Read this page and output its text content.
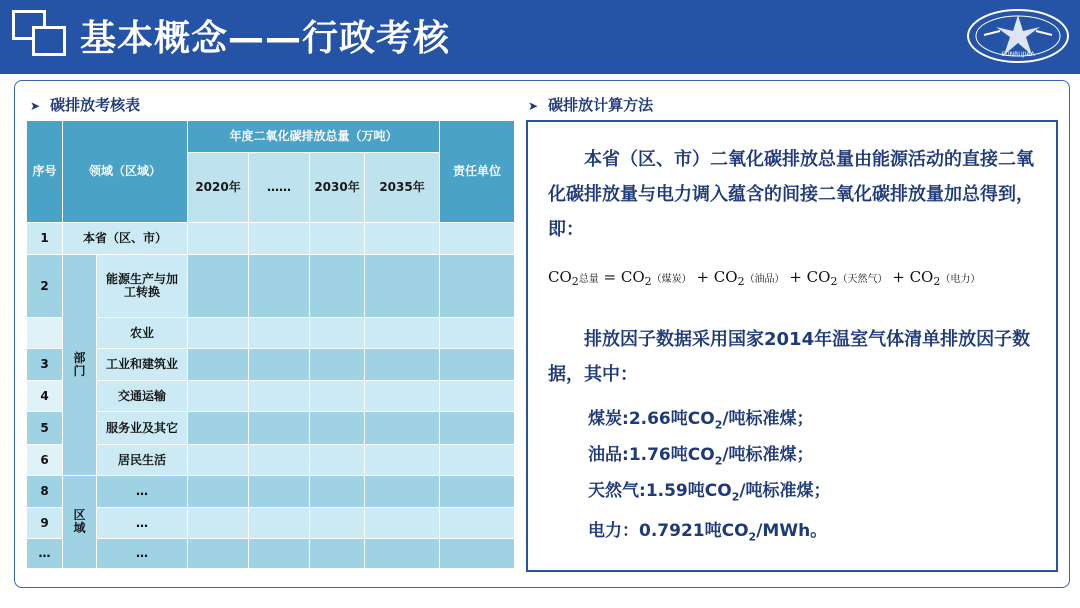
基本概念——行政考核	SUNRUJIAA
➤ 碳排放考核表
序号	领域（区域）		年度二氧化碳排放总量（万吨）				责任单位
			2020年	……	2030年	2035年	
1	本省（区、市）						
2	部门	能源生产与加工转换					
		农业					
3		工业和建筑业					
4		交通运输					
5		服务业及其它					
6		居民生活					
8	区域	…					
9		…					
…		…					
➤ 碳排放计算方法
本省（区、市）二氧化碳排放总量由能源活动的直接二氧化碳排放量与电力调入蕴含的间接二氧化碳排放量加总得到，即：
$CO_2$总量 = $CO_2$（煤炭） + $CO_2$（油品） + $CO_2$（天然气） + $CO_2$（电力）
排放因子数据采用国家2014年温室气体清单排放因子数据，其中：
煤炭:2.66吨$CO_2/$吨标准煤；
油品:1.76吨$CO_2/$吨标准煤；
天然气:1.59吨$CO_2/$吨标准煤；
电力：0.7921吨$CO_2$/MWh。
